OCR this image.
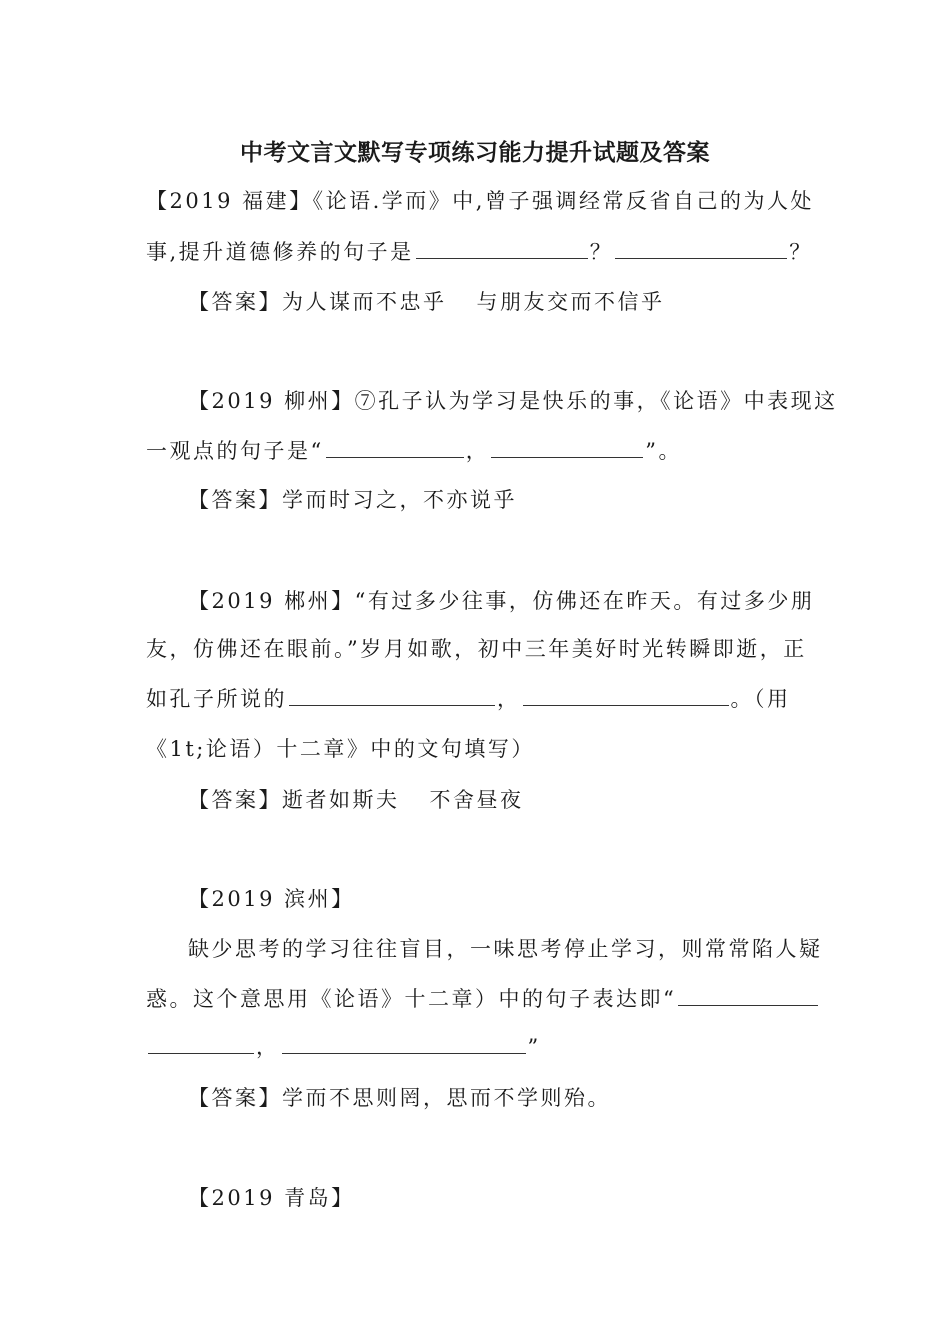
中考文言文默写专项练习能力提升试题及答案
【2019 福建】《论语.学而》中,曾子强调经常反省自己的为人处
事,提升道德修养的句子是	？	？
【答案】为人谋而不忠乎 与朋友交而不信乎
【2019 柳州】⑦孔子认为学习是快乐的事，《论语》中表现这
一观点的句子是“	，	”。
【答案】学而时习之，不亦说乎
【2019 郴州】“有过多少往事，仿佛还在昨天。有过多少朋
友，仿佛还在眼前。”岁月如歌，初中三年美好时光转瞬即逝，正
如孔子所说的	，	。（用
《1t;论语）十二章》中的文句填写）
【答案】逝者如斯夫 不舍昼夜
【2019 滨州】
缺少思考的学习往往盲目，一味思考停止学习，则常常陷人疑
惑。这个意思用《论语》十二章）中的句子表达即“
，	”
【答案】学而不思则罔，思而不学则殆。
【2019 青岛】
